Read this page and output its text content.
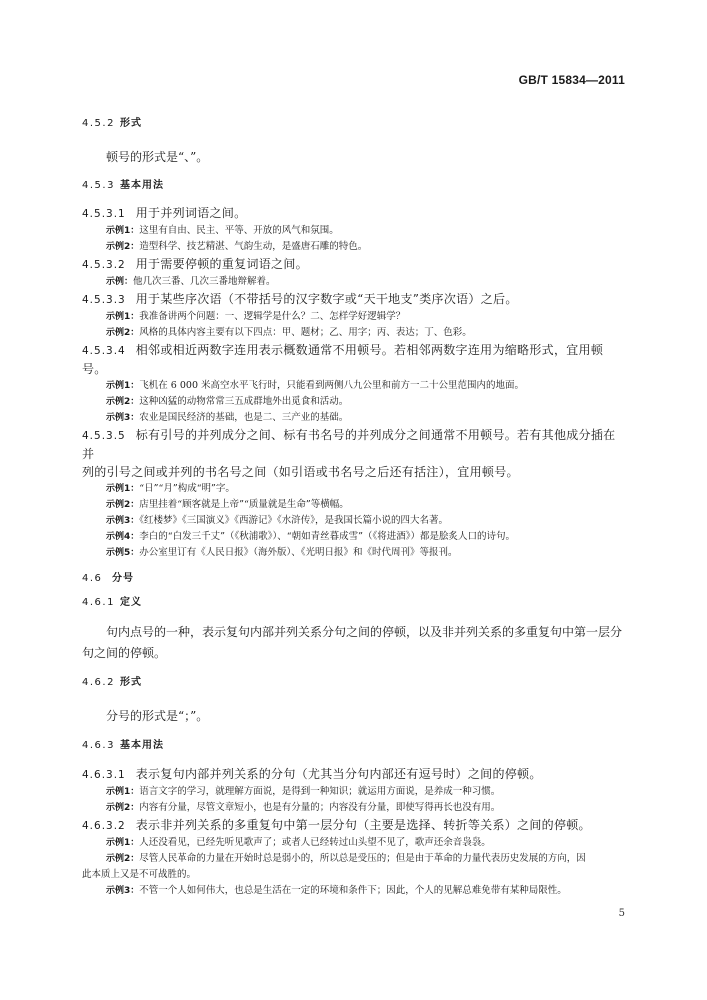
GB/T 15834—2011
4.5.2 形式
顿号的形式是“、”。
4.5.3 基本用法
4.5.3.1 用于并列词语之间。
示例1：这里有自由、民主、平等、开放的风气和氛围。
示例2：造型科学、技艺精湛、气韵生动，是盛唐石雕的特色。
4.5.3.2 用于需要停顿的重复词语之间。
示例：他几次三番、几次三番地辩解着。
4.5.3.3 用于某些序次语（不带括号的汉字数字或“天干地支”类序次语）之后。
示例1：我准备讲两个问题：一、逻辑学是什么？二、怎样学好逻辑学？
示例2：风格的具体内容主要有以下四点：甲、题材；乙、用字；丙、表达；丁、色彩。
4.5.3.4 相邻或相近两数字连用表示概数通常不用顿号。若相邻两数字连用为缩略形式，宜用顿号。
示例1：飞机在 6 000 米高空水平飞行时，只能看到两侧八九公里和前方一二十公里范围内的地面。
示例2：这种凶猛的动物常常三五成群地外出觅食和活动。
示例3：农业是国民经济的基础，也是二、三产业的基础。
4.5.3.5 标有引号的并列成分之间、标有书名号的并列成分之间通常不用顿号。若有其他成分插在并
列的引号之间或并列的书名号之间（如引语或书名号之后还有括注），宜用顿号。
示例1：“日”“月”构成“明”字。
示例2：店里挂着“顾客就是上帝”“质量就是生命”等横幅。
示例3：《红楼梦》《三国演义》《西游记》《水浒传》，是我国长篇小说的四大名著。
示例4：李白的“白发三千丈”（《秋浦歌》）、“朝如青丝暮成雪”（《将进酒》）都是脍炙人口的诗句。
示例5：办公室里订有《人民日报》（海外版）、《光明日报》和《时代周刊》等报刊。
4.6 分号
4.6.1 定义
句内点号的一种，表示复句内部并列关系分句之间的停顿，以及非并列关系的多重复句中第一层分
句之间的停顿。
4.6.2 形式
分号的形式是“；”。
4.6.3 基本用法
4.6.3.1 表示复句内部并列关系的分句（尤其当分句内部还有逗号时）之间的停顿。
示例1：语言文字的学习，就理解方面说，是得到一种知识；就运用方面说，是养成一种习惯。
示例2：内容有分量，尽管文章短小，也是有分量的；内容没有分量，即使写得再长也没有用。
4.6.3.2 表示非并列关系的多重复句中第一层分句（主要是选择、转折等关系）之间的停顿。
示例1：人还没看见，已经先听见歌声了；或者人已经转过山头望不见了，歌声还余音袅袅。
示例2：尽管人民革命的力量在开始时总是弱小的，所以总是受压的；但是由于革命的力量代表历史发展的方向，因
此本质上又是不可战胜的。
示例3：不管一个人如何伟大，也总是生活在一定的环境和条件下；因此，个人的见解总难免带有某种局限性。
5
